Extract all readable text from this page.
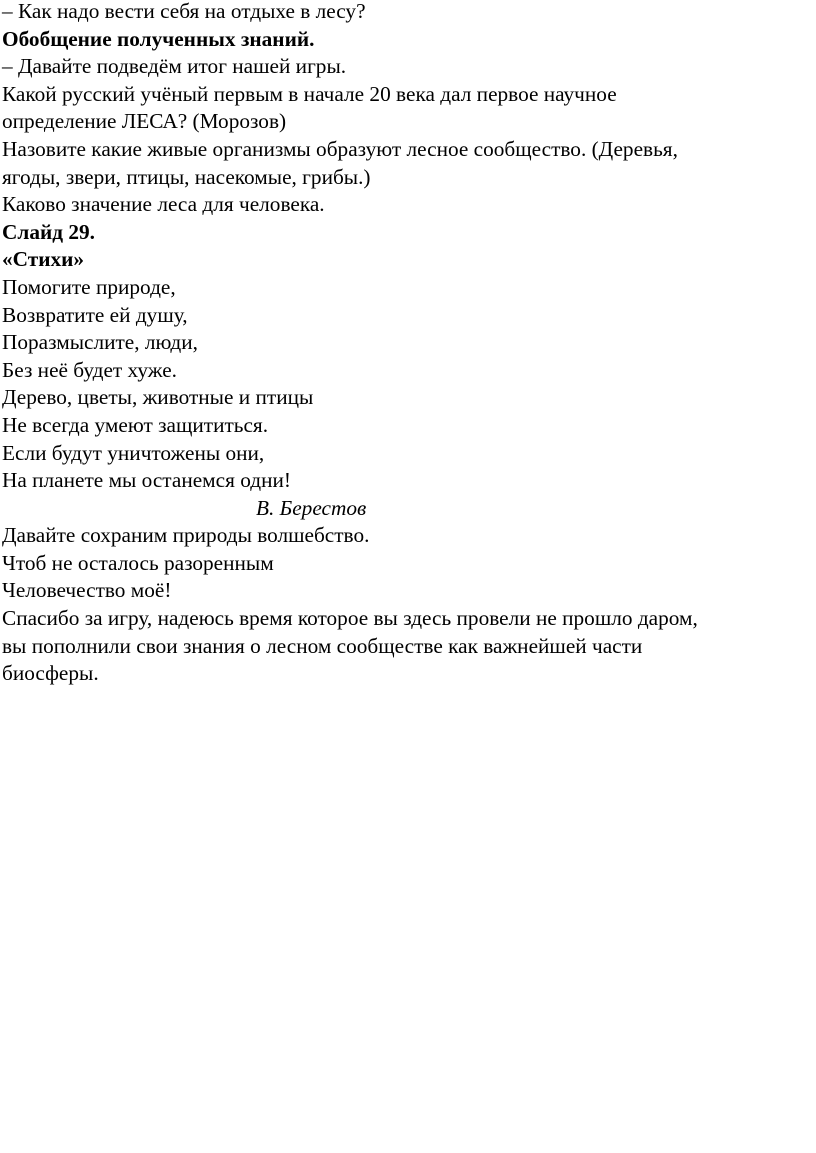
– Как надо вести себя на отдыхе в лесу?
Обобщение полученных знаний.
– Давайте подведём итог нашей игры.
Какой русский учёный первым в начале 20 века дал первое научное
определение ЛЕСА? (Морозов)
Назовите какие живые организмы образуют лесное сообщество. (Деревья,
ягоды, звери, птицы, насекомые, грибы.)
Каково значение леса для человека.
Слайд 29.
«Стихи»
Помогите природе,
Возвратите ей душу,
Поразмыслите, люди,
Без неё будет хуже.
Дерево, цветы, животные и птицы
Не всегда умеют защититься.
Если будут уничтожены они,
На планете мы останемся одни!
В. Берестов
Давайте сохраним природы волшебство.
Чтоб не осталось разоренным
Человечество моё!
Спасибо за игру, надеюсь время которое вы здесь провели не прошло даром,
вы пополнили свои знания о лесном сообществе как важнейшей части
биосферы.
